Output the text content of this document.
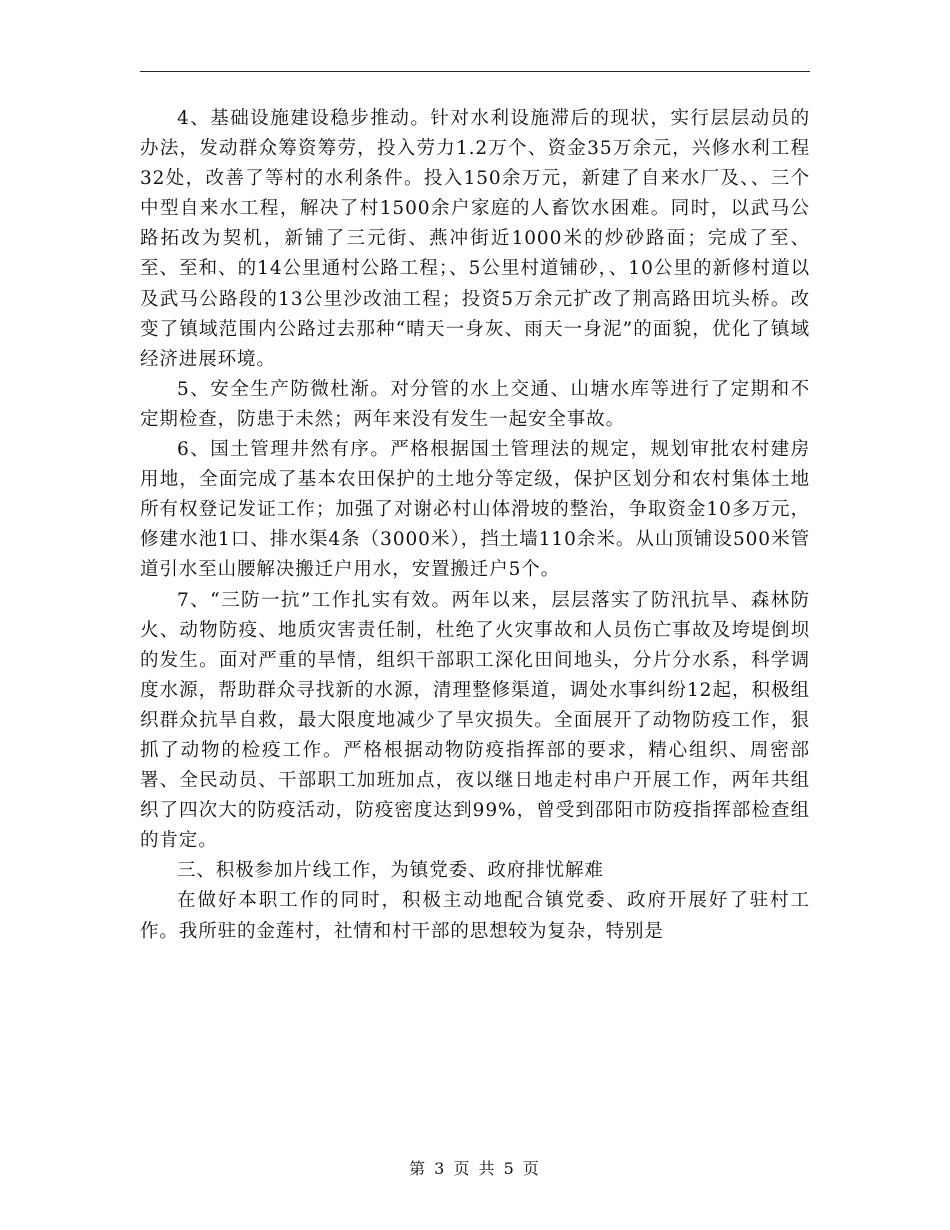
4、基础设施建设稳步推动。针对水利设施滞后的现状，实行层层动员的办法，发动群众筹资筹劳，投入劳力1.2万个、资金35万余元，兴修水利工程32处，改善了等村的水利条件。投入150余万元，新建了自来水厂及、、三个中型自来水工程，解决了村1500余户家庭的人畜饮水困难。同时，以武马公路拓改为契机，新铺了三元街、燕冲街近1000米的炒砂路面；完成了至、至、至和、的14公里通村公路工程；、5公里村道铺砂，、10公里的新修村道以及武马公路段的13公里沙改油工程；投资5万余元扩改了荆高路田坑头桥。改变了镇域范围内公路过去那种“晴天一身灰、雨天一身泥”的面貌，优化了镇域经济进展环境。

5、安全生产防微杜渐。对分管的水上交通、山塘水库等进行了定期和不定期检查，防患于未然；两年来没有发生一起安全事故。

6、国土管理井然有序。严格根据国土管理法的规定，规划审批农村建房用地，全面完成了基本农田保护的土地分等定级，保护区划分和农村集体土地所有权登记发证工作；加强了对谢必村山体滑坡的整治，争取资金10多万元，修建水池1口、排水渠4条（3000米），挡土墙110余米。从山顶铺设500米管道引水至山腰解决搬迁户用水，安置搬迁户5个。

7、“三防一抗”工作扎实有效。两年以来，层层落实了防汛抗旱、森林防火、动物防疫、地质灾害责任制，杜绝了火灾事故和人员伤亡事故及垮堤倒坝的发生。面对严重的旱情，组织干部职工深化田间地头，分片分水系，科学调度水源，帮助群众寻找新的水源，清理整修渠道，调处水事纠纷12起，积极组织群众抗旱自救，最大限度地减少了旱灾损失。全面展开了动物防疫工作，狠抓了动物的检疫工作。严格根据动物防疫指挥部的要求，精心组织、周密部署、全民动员、干部职工加班加点，夜以继日地走村串户开展工作，两年共组织了四次大的防疫活动，防疫密度达到99%，曾受到邵阳市防疫指挥部检查组的肯定。

三、积极参加片线工作，为镇党委、政府排忧解难

在做好本职工作的同时，积极主动地配合镇党委、政府开展好了驻村工作。我所驻的金莲村，社情和村干部的思想较为复杂，特别是

第 3 页 共 5 页
